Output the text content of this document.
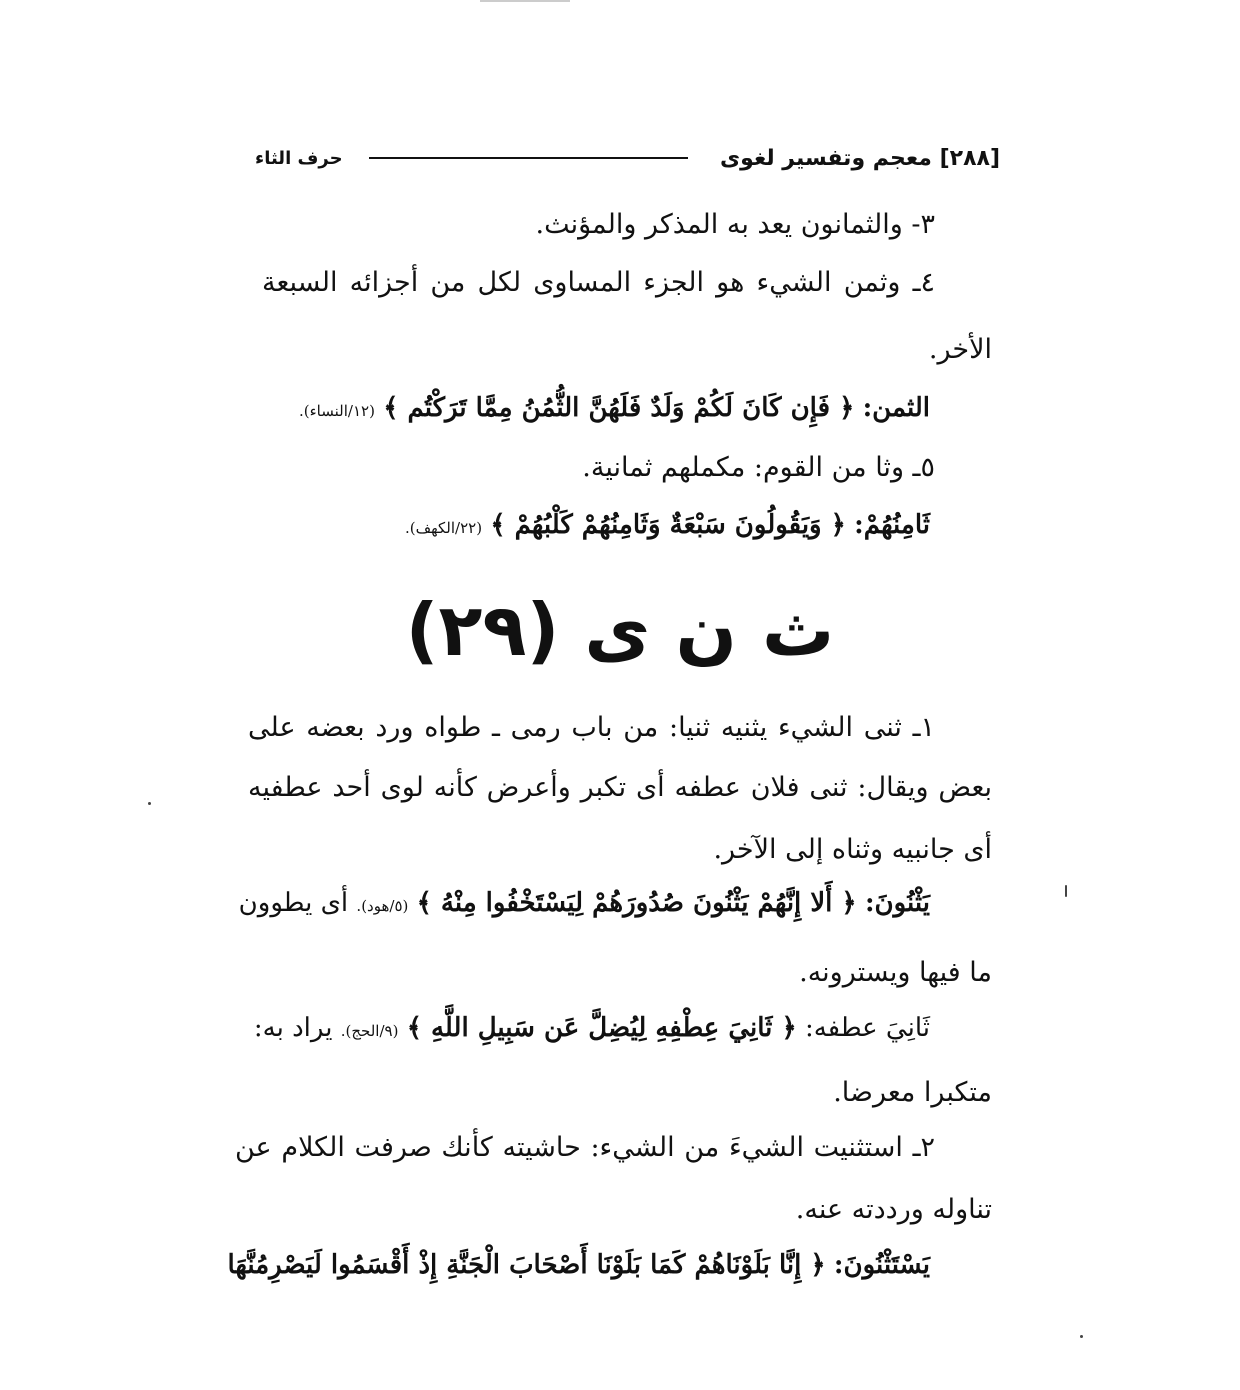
[٢٨٨] معجم وتفسير لغوى
حرف الثاء
٣- والثمانون يعد به المذكر والمؤنث.
٤ـ وثمن الشيء هو الجزء المساوى لكل من أجزائه السبعة
الأخر.
الثمن: ﴿ فَإِن كَانَ لَكُمْ وَلَدٌ فَلَهُنَّ الثُّمُنُ مِمَّا تَرَكْتُم ﴾ (١٢/النساء).
٥ـ وثا من القوم: مكملهم ثمانية.
ثَامِنُهُمْ: ﴿ وَيَقُولُونَ سَبْعَةٌ وَثَامِنُهُمْ كَلْبُهُمْ ﴾ (٢٢/الكهف).
ث ن ى (٢٩)
١ـ ثنى الشيء يثنيه ثنيا: من باب رمى ـ طواه ورد بعضه على
بعض ويقال: ثنى فلان عطفه أى تكبر وأعرض كأنه لوى أحد عطفيه
أى جانبيه وثناه إلى الآخر.
يَثْنُونَ: ﴿ أَلا إِنَّهُمْ يَثْنُونَ صُدُورَهُمْ لِيَسْتَخْفُوا مِنْهُ ﴾ (٥/هود). أى يطوون
ما فيها ويسترونه.
ثَانِيَ عطفه: ﴿ ثَانِيَ عِطْفِهِ لِيُضِلَّ عَن سَبِيلِ اللَّهِ ﴾ (٩/الحج). يراد به:
متكبرا معرضا.
٢ـ استثنيت الشيءَ من الشيء: حاشيته كأنك صرفت الكلام عن
تناوله ورددته عنه.
يَسْتَثْنُونَ: ﴿ إِنَّا بَلَوْنَاهُمْ كَمَا بَلَوْنَا أَصْحَابَ الْجَنَّةِ إِذْ أَقْسَمُوا لَيَصْرِمُنَّهَا
